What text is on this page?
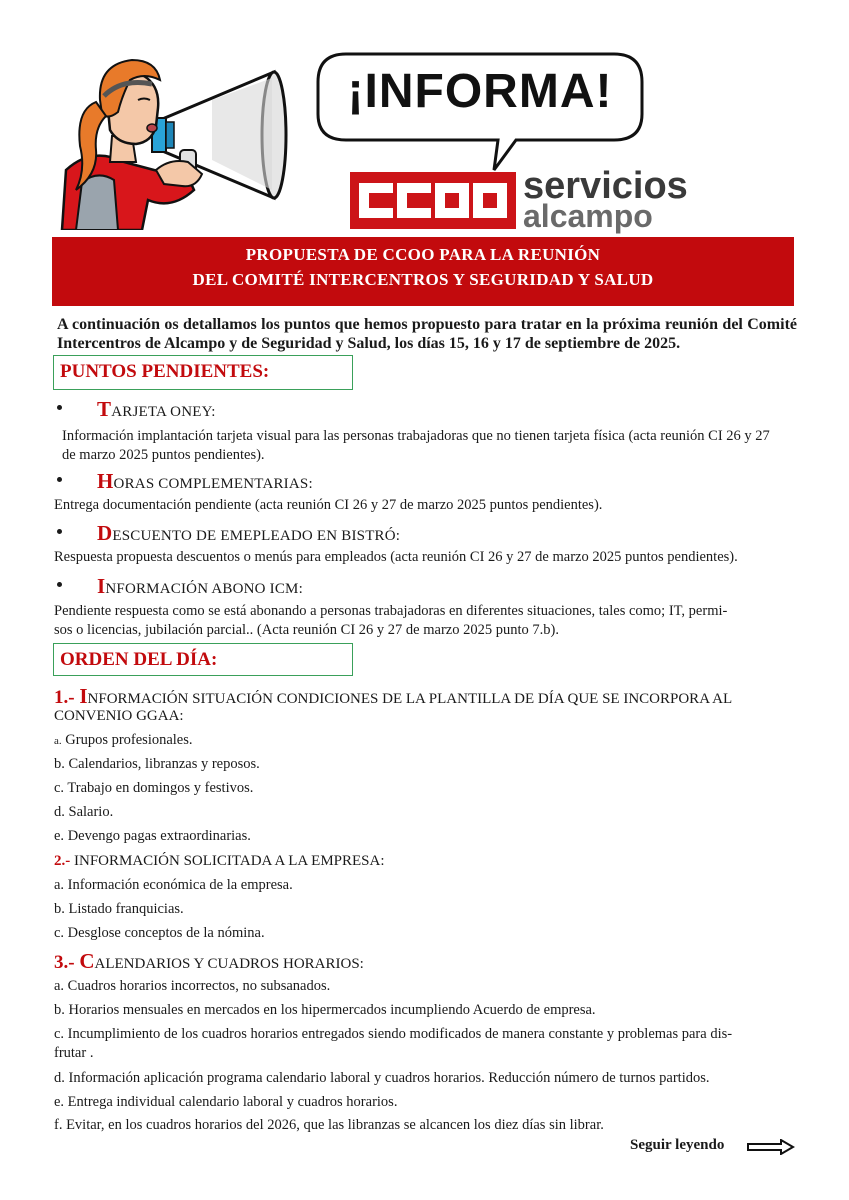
¡INFORMA!
servicios
alcampo
PROPUESTA DE CCOO PARA LA REUNIÓN
DEL COMITÉ INTERCENTROS Y SEGURIDAD Y SALUD
A continuación os detallamos los puntos que hemos propuesto para tratar en la próxima reunión del Comité Intercentros de Alcampo y de Seguridad y Salud, los días 15, 16 y 17 de septiembre de 2025.
PUNTOS PENDIENTES:
TARJETA ONEY:
Información implantación tarjeta visual para las personas trabajadoras que no tienen tarjeta física (acta reunión CI 26 y 27 de marzo 2025 puntos pendientes).
HORAS COMPLEMENTARIAS:
Entrega documentación pendiente (acta reunión CI 26 y 27 de marzo 2025 puntos pendientes).
DESCUENTO DE EMEPLEADO EN BISTRÓ:
Respuesta propuesta descuentos o menús para empleados (acta reunión CI 26 y 27 de marzo 2025 puntos pendientes).
INFORMACIÓN ABONO ICM:
Pendiente respuesta como se está abonando a personas trabajadoras en diferentes situaciones, tales como; IT, permi-
sos o licencias, jubilación parcial.. (Acta reunión CI 26 y 27 de marzo 2025 punto 7.b).
ORDEN DEL DÍA:
1.- INFORMACIÓN SITUACIÓN CONDICIONES DE LA PLANTILLA DE DÍA QUE SE INCORPORA AL
CONVENIO GGAA:
a. Grupos profesionales.
b. Calendarios, libranzas y reposos.
c. Trabajo en domingos y festivos.
d. Salario.
e. Devengo pagas extraordinarias.
2.- INFORMACIÓN SOLICITADA A LA EMPRESA:
a. Información económica de la empresa.
b. Listado franquicias.
c. Desglose conceptos de la nómina.
3.- CALENDARIOS Y CUADROS HORARIOS:
a. Cuadros horarios incorrectos, no subsanados.
b. Horarios mensuales en mercados en los hipermercados incumpliendo Acuerdo de empresa.
c. Incumplimiento de los cuadros horarios entregados siendo modificados de manera constante y problemas para dis-
frutar .
d. Información aplicación programa calendario laboral y cuadros horarios. Reducción número de turnos partidos.
e. Entrega individual calendario laboral y cuadros horarios.
f. Evitar, en los cuadros horarios del 2026, que las libranzas se alcancen los diez días sin librar.
Seguir leyendo
